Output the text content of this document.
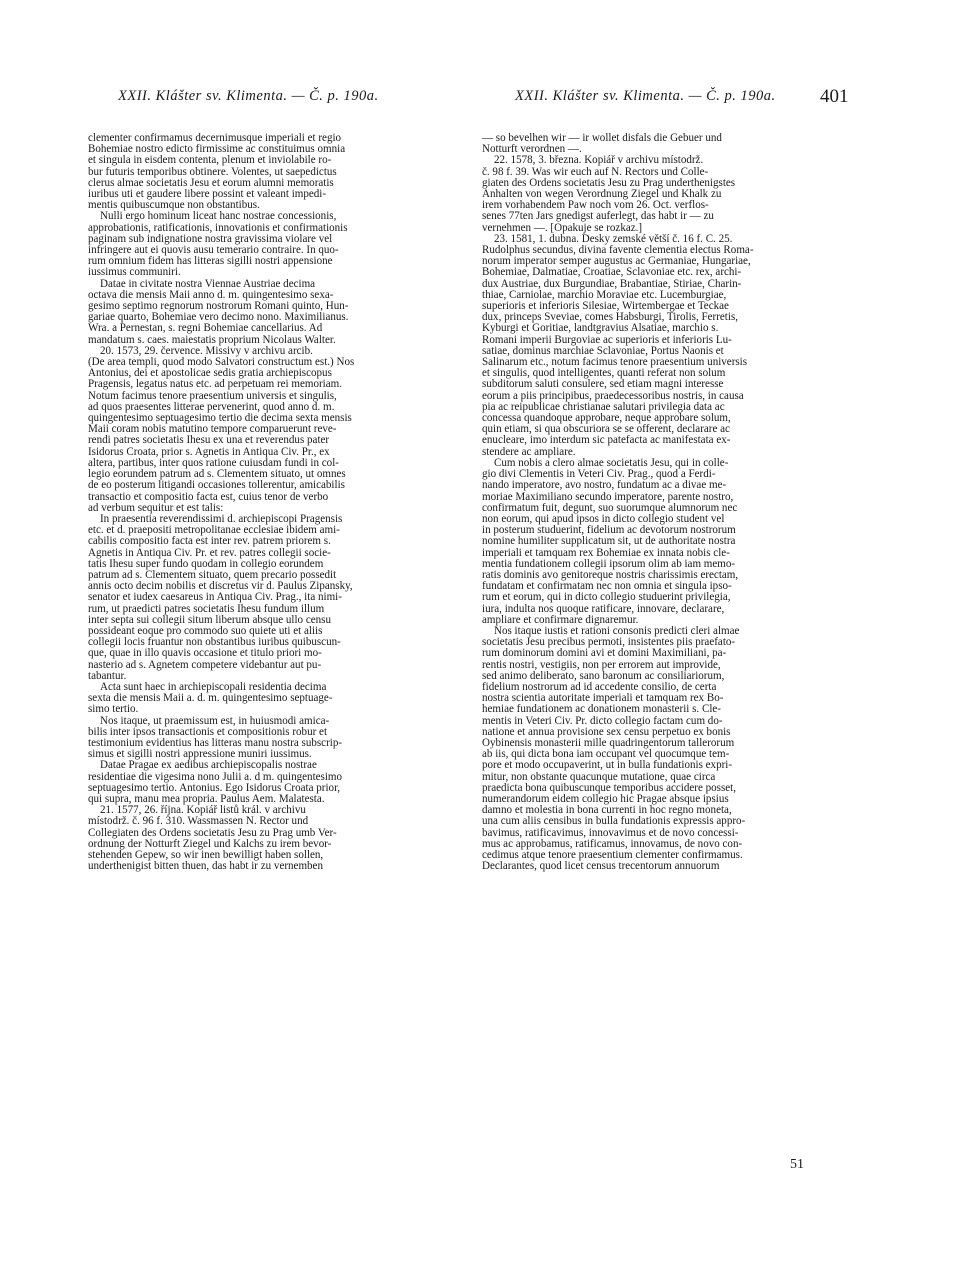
XXII. Klášter sv. Klimenta. — Č. p. 190a.	XXII. Klášter sv. Klimenta. — Č. p. 190a. 401

clementer confirmamus decernimusque imperiali et regio
Bohemiae nostro edicto firmissime ac constituimus omnia
et singula in eisdem contenta, plenum et inviolabile ro-
bur futuris temporibus obtinere. Volentes, ut saepedictus
clerus almae societatis Jesu et eorum alumni memoratis
iuribus uti et gaudere libere possint et valeant impedi-
mentis quibuscumque non obstantibus.

Nulli ergo hominum liceat hanc nostrae concessionis,
approbationis, ratificationis, innovationis et confirmationis
paginam sub indignatione nostra gravissima violare vel
infringere aut ei quovis ausu temerario contraire. In quo-
rum omnium fidem has litteras sigilli nostri appensione
iussimus communiri.

Datae in civitate nostra Viennae Austriae decima
octava die mensis Maii anno d. m. quingentesimo sexa-
gesimo septimo regnorum nostrorum Romani quinto, Hun-
gariae quarto, Bohemiae vero decimo nono. Maximilianus.
Wra. a Pernestan, s. regni Bohemiae cancellarius. Ad
mandatum s. caes. maiestatis proprium Nicolaus Walter.

20. 1573, 29. července. Missivy v archivu arcib.
(De area templi, quod modo Salvatori constructum est.) Nos
Antonius, dei et apostolicae sedis gratia archiepiscopus
Pragensis, legatus natus etc. ad perpetuam rei memoriam.
Notum facimus tenore praesentium universis et singulis,
ad quos praesentes litterae pervenerint, quod anno d. m.
quingentesimo septuagesimo tertio die decima sexta mensis
Maii coram nobis matutino tempore comparuerunt reve-
rendi patres societatis Ihesu ex una et reverendus pater
Isidorus Croata, prior s. Agnetis in Antiqua Civ. Pr., ex
altera, partibus, inter quos ratione cuiusdam fundi in col-
legio eorundem patrum ad s. Clementem situato, ut omnes
de eo posterum litigandi occasiones tollerentur, amicabilis
transactio et compositio facta est, cuius tenor de verbo
ad verbum sequitur et est talis:

In praesentia reverendissimi d. archiepiscopi Pragensis
etc. et d. praepositi metropolitanae ecclesiae ibidem ami-
cabilis compositio facta est inter rev. patrem priorem s.
Agnetis in Antiqua Civ. Pr. et rev. patres collegii socie-
tatis Ihesu super fundo quodam in collegio eorundem
patrum ad s. Clementem situato, quem precario possedit
annis octo decim nobilis et discretus vir d. Paulus Zipansky,
senator et iudex caesareus in Antiqua Civ. Prag., ita nimi-
rum, ut praedicti patres societatis Ihesu fundum illum
inter septa sui collegii situm liberum absque ullo censu
possideant eoque pro commodo suo quiete uti et aliis
collegii locis fruantur non obstantibus iuribus quibuscun-
que, quae in illo quavis occasione et titulo priori mo-
nasterio ad s. Agnetem competere videbantur aut pu-
tabantur.

Acta sunt haec in archiepiscopali residentia decima
sexta die mensis Maii a. d. m. quingentesimo septuage-
simo tertio.

Nos itaque, ut praemissum est, in huiusmodi amica-
bilis inter ipsos transactionis et compositionis robur et
testimonium evidentius has litteras manu nostra subscrip-
simus et sigilli nostri appressione muniri iussimus.

Datae Pragae ex aedibus archiepiscopalis nostrae
residentiae die vigesima nono Julii a. d m. quingentesimo
septuagesimo tertio. Antonius. Ego Isidorus Croata prior,
qui supra, manu mea propria. Paulus Aem. Malatesta.

21. 1577, 26. října. Kopiář listů král. v archivu
místodrž. č. 96 f. 310. Wassmassen N. Rector und
Collegiaten des Ordens societatis Jesu zu Prag umb Ver-
ordnung der Notturft Ziegel und Kalchs zu irem bevor-
stehenden Gepew, so wir inen bewilligt haben sollen,
underthenigist bitten thuen, das habt ir zu vernemben

— so bevelhen wir — ir wollet disfals die Gebuer und
Notturft verordnen —.

22. 1578, 3. března. Kopiář v archivu místodrž.
č. 98 f. 39. Was wir euch auf N. Rectors und Colle-
giaten des Ordens societatis Jesu zu Prag underthenigstes
Anhalten von wegen Verordnung Ziegel und Khalk zu
irem vorhabendem Paw noch vom 26. Oct. verflos-
senes 77ten Jars gnedigst auferlegt, das habt ir — zu
vernehmen —. [Opakuje se rozkaz.]

23. 1581, 1. dubna. Desky zemské větší č. 16 f. C. 25.
Rudolphus secundus, divina favente clementia electus Roma-
norum imperator semper augustus ac Germaniae, Hungariae,
Bohemiae, Dalmatiae, Croatiae, Sclavoniae etc. rex, archi-
dux Austriae, dux Burgundiae, Brabantiae, Stiriae, Charin-
thiae, Carniolae, marchio Moraviae etc. Lucemburgiae,
superioris et inferioris Silesiae, Wirtembergae et Teckae
dux, princeps Sveviae, comes Habsburgi, Tirolis, Ferretis,
Kyburgi et Goritiae, landtgravius Alsatiae, marchio s.
Romani imperii Burgoviae ac superioris et inferioris Lu-
satiae, dominus marchiae Sclavoniae, Portus Naonis et
Salinarum etc., notum facimus tenore praesentium universis
et singulis, quod intelligentes, quanti referat non solum
subditorum saluti consulere, sed etiam magni interesse
eorum a piis principibus, praedecessoribus nostris, in causa
pia ac reipublicae christianae salutari privilegia data ac
concessa quandoque approbare, neque approbare solum,
quin etiam, si qua obscuriora se se offerent, declarare ac
enucleare, imo interdum sic patefacta ac manifestata ex-
stendere ac ampliare.

Cum nobis a clero almae societatis Jesu, qui in colle-
gio divi Clementis in Veteri Civ. Prag., quod a Ferdi-
nando imperatore, avo nostro, fundatum ac a divae me-
moriae Maximiliano secundo imperatore, parente nostro,
confirmatum fuit, degunt, suo suorumque alumnorum nec
non eorum, qui apud ipsos in dicto collegio student vel
in posterum studuerint, fidelium ac devotorum nostrorum
nomine humiliter supplicatum sit, ut de authoritate nostra
imperiali et tamquam rex Bohemiae ex innata nobis cle-
mentia fundationem collegii ipsorum olim ab iam memo-
ratis dominis avo genitoreque nostris charissimis erectam,
fundatam et confirmatam nec non omnia et singula ipso-
rum et eorum, qui in dicto collegio studuerint privilegia,
iura, indulta nos quoque ratificare, innovare, declarare,
ampliare et confirmare dignaremur.

Nos itaque iustis et rationi consonis predicti cleri almae
societatis Jesu precibus permoti, insistentes piis praefato-
rum dominorum domini avi et domini Maximiliani, pa-
rentis nostri, vestigiis, non per errorem aut improvide,
sed animo deliberato, sano baronum ac consiliariorum,
fidelium nostrorum ad id accedente consilio, de certa
nostra scientia autoritate imperiali et tamquam rex Bo-
hemiae fundationem ac donationem monasterii s. Cle-
mentis in Veteri Civ. Pr. dicto collegio factam cum do-
natione et annua provisione sex censu perpetuo ex bonis
Oybinensis monasterii mille quadringentorum tallerorum
ab iis, qui dicta bona iam occupant vel quocumque tem-
pore et modo occupaverint, ut in bulla fundationis expri-
mitur, non obstante quacunque mutatione, quae circa
praedicta bona quibuscunque temporibus accidere posset,
numerandorum eidem collegio hic Pragae absque ipsius
damno et molestia in bona currenti in hoc regno moneta,
una cum aliis censibus in bulla fundationis expressis appro-
bavimus, ratificavimus, innovavimus et de novo concessi-
mus ac approbamus, ratificamus, innovamus, de novo con-
cedimus atque tenore praesentium clementer confirmamus.
Declarantes, quod licet census trecentorum annuorum

51
